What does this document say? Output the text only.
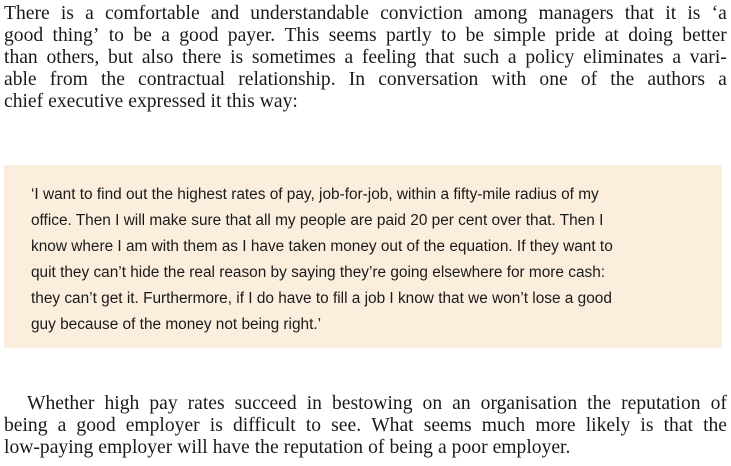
There is a comfortable and understandable conviction among managers that it is ‘a
good thing’ to be a good payer. This seems partly to be simple pride at doing better
than others, but also there is sometimes a feeling that such a policy eliminates a vari-
able from the contractual relationship. In conversation with one of the authors a
chief executive expressed it this way:
‘I want to find out the highest rates of pay, job-for-job, within a fifty-mile radius of my
office. Then I will make sure that all my people are paid 20 per cent over that. Then I
know where I am with them as I have taken money out of the equation. If they want to
quit they can’t hide the real reason by saying they’re going elsewhere for more cash:
they can’t get it. Furthermore, if I do have to fill a job I know that we won’t lose a good
guy because of the money not being right.’
Whether high pay rates succeed in bestowing on an organisation the reputation of
being a good employer is difficult to see. What seems much more likely is that the
low-paying employer will have the reputation of being a poor employer.
